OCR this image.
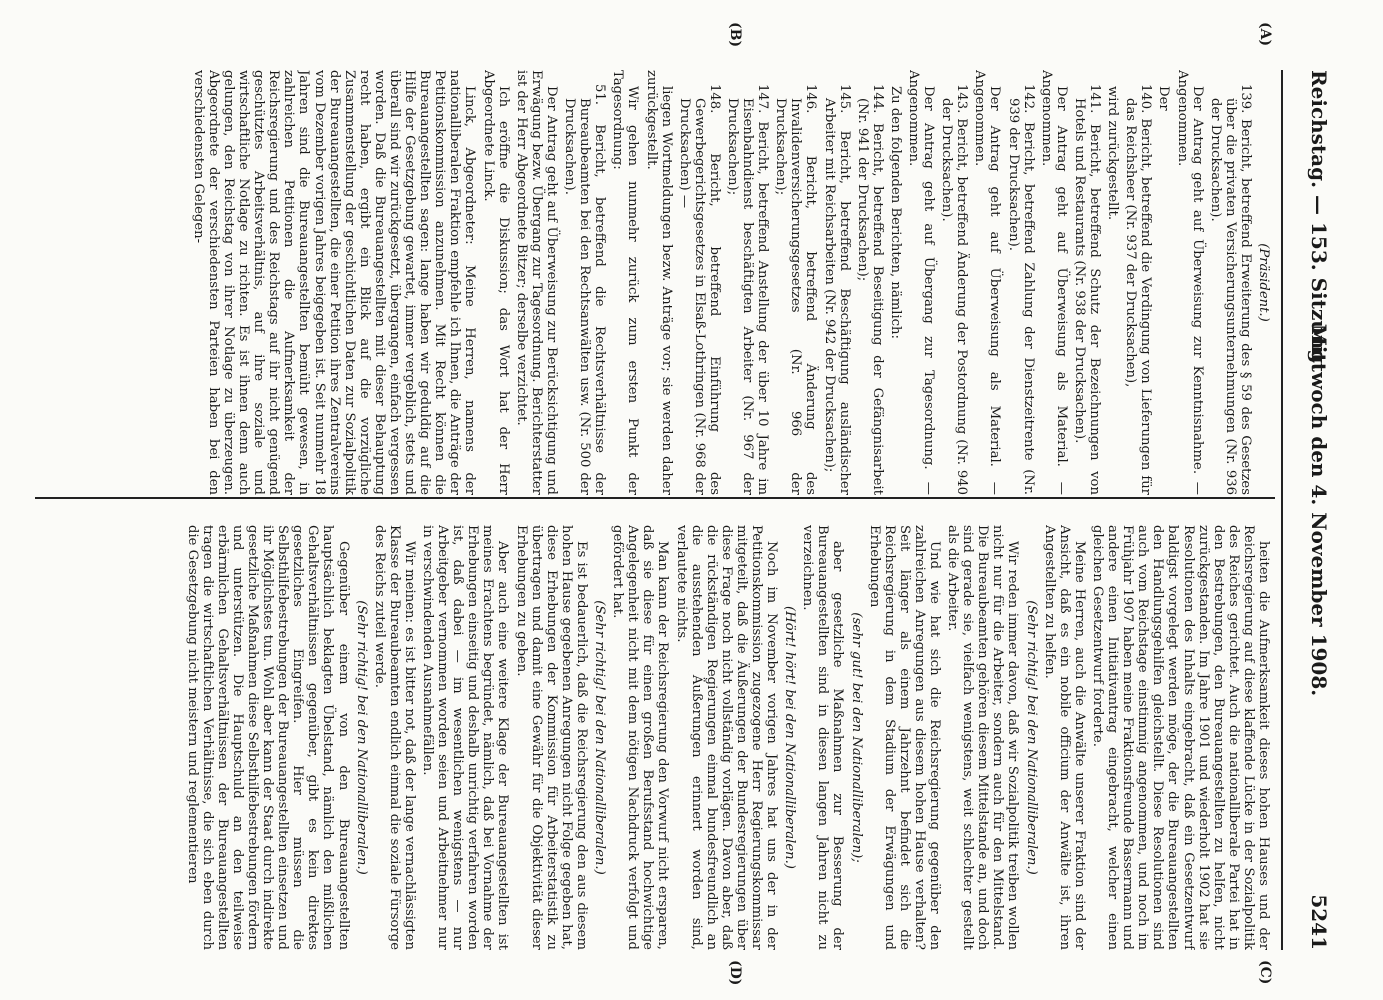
Reichstag. — 153. Sitzung.
Mittwoch den 4. November 1908.
5241
(A)
(B)
(C)
(D)

(Präsident.)

139. Bericht, betreffend Erweiterung des § 59 des Gesetzes über die privaten Versicherungsunternehmungen (Nr. 936 der Drucksachen).

Der Antrag geht auf Überweisung zur Kenntnisnahme. — Angenommen.

Der

140. Bericht, betreffend die Verdingung von Lieferungen für das Reichsheer (Nr. 937 der Drucksachen),

wird zurückgestellt.

141. Bericht, betreffend Schutz der Bezeichnungen von Hotels und Restaurants (Nr. 938 der Drucksachen).

Der Antrag geht auf Überweisung als Material. — Angenommen.

142. Bericht, betreffend Zahlung der Dienstzeitrente (Nr. 939 der Drucksachen).

Der Antrag geht auf Überweisung als Material. — Angenommen.

143. Bericht, betreffend Änderung der Postordnung (Nr. 940 der Drucksachen).

Der Antrag geht auf Übergang zur Tagesordnung. — Angenommen.

Zu den folgenden Berichten, nämlich:

144. Bericht, betreffend Beseitigung der Gefängnisarbeit (Nr. 941 der Drucksachen);

145. Bericht, betreffend Beschäftigung ausländischer Arbeiter mit Reichsarbeiten (Nr. 942 der Drucksachen);

146. Bericht, betreffend Änderung des Invalidenversicherungsgesetzes (Nr. 966 der Drucksachen);

147. Bericht, betreffend Anstellung der über 10 Jahre im Eisenbahndienst beschäftigten Arbeiter (Nr. 967 der Drucksachen);

148. Bericht, betreffend Einführung des Gewerbegerichtsgesetzes in Elsaß-Lothringen (Nr. 968 der Drucksachen) —

liegen Wortmeldungen bezw. Anträge vor; sie werden daher zurückgestellt.

Wir gehen nunmehr zurück zum ersten Punkt der Tagesordnung:

51. Bericht, betreffend die Rechtsverhältnisse der Bureaubeamten bei den Rechtsanwälten usw. (Nr. 500 der Drucksachen).

Der Antrag geht auf Überweisung zur Berücksichtigung und Erwägung bezw. Übergang zur Tagesordnung. Berichterstatter ist der Herr Abgeordnete Bitzer; derselbe verzichtet.

Ich eröffne die Diskussion; das Wort hat der Herr Abgeordnete Linck.

Linck, Abgeordneter: Meine Herren, namens der nationalliberalen Fraktion empfehle ich Ihnen, die Anträge der Petitionskommission anzunehmen. Mit Recht können die Bureauangestellten sagen: lange haben wir geduldig auf die Hilfe der Gesetzgebung gewartet, immer vergeblich, stets und überall sind wir zurückgesetzt, übergangen, einfach vergessen worden. Daß die Bureauangestellten mit dieser Behauptung recht haben, ergibt ein Blick auf die vorzügliche Zusammenstellung der geschichtlichen Daten zur Sozialpolitik der Bureauangestellten, die einer Petition ihres Zentralvereins vom Dezember vorigen Jahres beigegeben ist. Seit nunmehr 18 Jahren sind die Bureauangestellten bemüht gewesen, in zahlreichen Petitionen die Aufmerksamkeit der Reichsregierung und des Reichstags auf ihr nicht genügend geschütztes Arbeitsverhältnis, auf ihre soziale und wirtschaftliche Notlage zu richten. Es ist ihnen denn auch gelungen, den Reichstag von ihrer Notlage zu überzeugen. Abgeordnete der verschiedensten Parteien haben bei den verschiedensten Gelegen-

heiten die Aufmerksamkeit dieses hohen Hauses und der Reichsregierung auf diese klaffende Lücke in der Sozialpolitik des Reiches gerichtet. Auch die nationalliberale Partei hat in den Bestrebungen, den Bureauangestellten zu helfen, nicht zurückgestanden. Im Jahre 1901 und wiederholt 1902 hat sie Resolutionen des Inhalts eingebracht, daß ein Gesetzentwurf baldigst vorgelegt werden möge, der die Bureauangestellten den Handlungsgehilfen gleichstellt. Diese Resolutionen sind auch vom Reichstage einstimmig angenommen, und noch im Frühjahr 1907 haben meine Fraktionsfreunde Bassermann und andere einen Initiativantrag eingebracht, welcher einen gleichen Gesetzentwurf forderte.

Meine Herren, auch die Anwälte unserer Fraktion sind der Ansicht, daß es ein nobile officium der Anwälte ist, ihren Angestellten zu helfen.

(Sehr richtig! bei den Nationalliberalen.)

Wir reden immer davon, daß wir Sozialpolitik treiben wollen nicht nur für die Arbeiter, sondern auch für den Mittelstand. Die Bureaubeamten gehören diesem Mittelstande an, und doch sind gerade sie, vielfach wenigstens, weit schlechter gestellt als die Arbeiter.

Und wie hat sich die Reichsregierung gegenüber den zahlreichen Anregungen aus diesem hohen Hause verhalten? Seit länger als einem Jahrzehnt befindet sich die Reichsregierung in dem Stadium der Erwägungen und Erhebungen

(sehr gut! bei den Nationalliberalen);

aber gesetzliche Maßnahmen zur Besserung der Bureauangestellten sind in diesen langen Jahren nicht zu verzeichnen.

(Hört! hört! bei den Nationalliberalen.)

Noch im November vorigen Jahres hat uns der in der Petitionskommission zugezogene Herr Regierungskommissar mitgeteilt, daß die Äußerungen der Bundesregierungen über diese Frage noch nicht vollständig vorlägen. Davon aber, daß die rückständigen Regierungen einmal bundesfreundlich an die ausstehenden Äußerungen erinnert worden sind, verlautete nichts.

Man kann der Reichsregierung den Vorwurf nicht ersparen, daß sie diese für einen großen Berufsstand hochwichtige Angelegenheit nicht mit dem nötigen Nachdruck verfolgt und gefördert hat.

(Sehr richtig! bei den Nationalliberalen.)

Es ist bedauerlich, daß die Reichsregierung den aus diesem hohen Hause gegebenen Anregungen nicht Folge gegeben hat, diese Erhebungen der Kommission für Arbeiterstatistik zu übertragen und damit eine Gewähr für die Objektivität dieser Erhebungen zu geben.

Aber auch eine weitere Klage der Bureauangestellten ist meines Erachtens begründet, nämlich, daß bei Vornahme der Erhebungen einseitig und deshalb unrichtig verfahren worden ist, daß dabei — im wesentlichen wenigstens — nur Arbeitgeber vernommen worden seien und Arbeitnehmer nur in verschwindenden Ausnahmefällen.

Wir meinen: es ist bitter not, daß der lange vernachlässigten Klasse der Bureaubeamten endlich einmal die soziale Fürsorge des Reichs zuteil werde.

(Sehr richtig! bei den Nationalliberalen.)

Gegenüber einem von den Bureauangestellten hauptsächlich beklagten Übelstand, nämlich den mißlichen Gehaltsverhältnissen gegenüber, gibt es kein direktes gesetzliches Eingreifen. Hier müssen die Selbsthilfebestrebungen der Bureauangestellten einsetzen und ihr Möglichstes tun. Wohl aber kann der Staat durch indirekte gesetzliche Maßnahmen diese Selbsthilfebestrebungen fördern und unterstützen. Die Hauptschuld an den teilweise erbärmlichen Gehaltsverhältnissen der Bureauangestellten tragen die wirtschaftlichen Verhältnisse, die sich eben durch die Gesetzgebung nicht meistern und reglementieren
